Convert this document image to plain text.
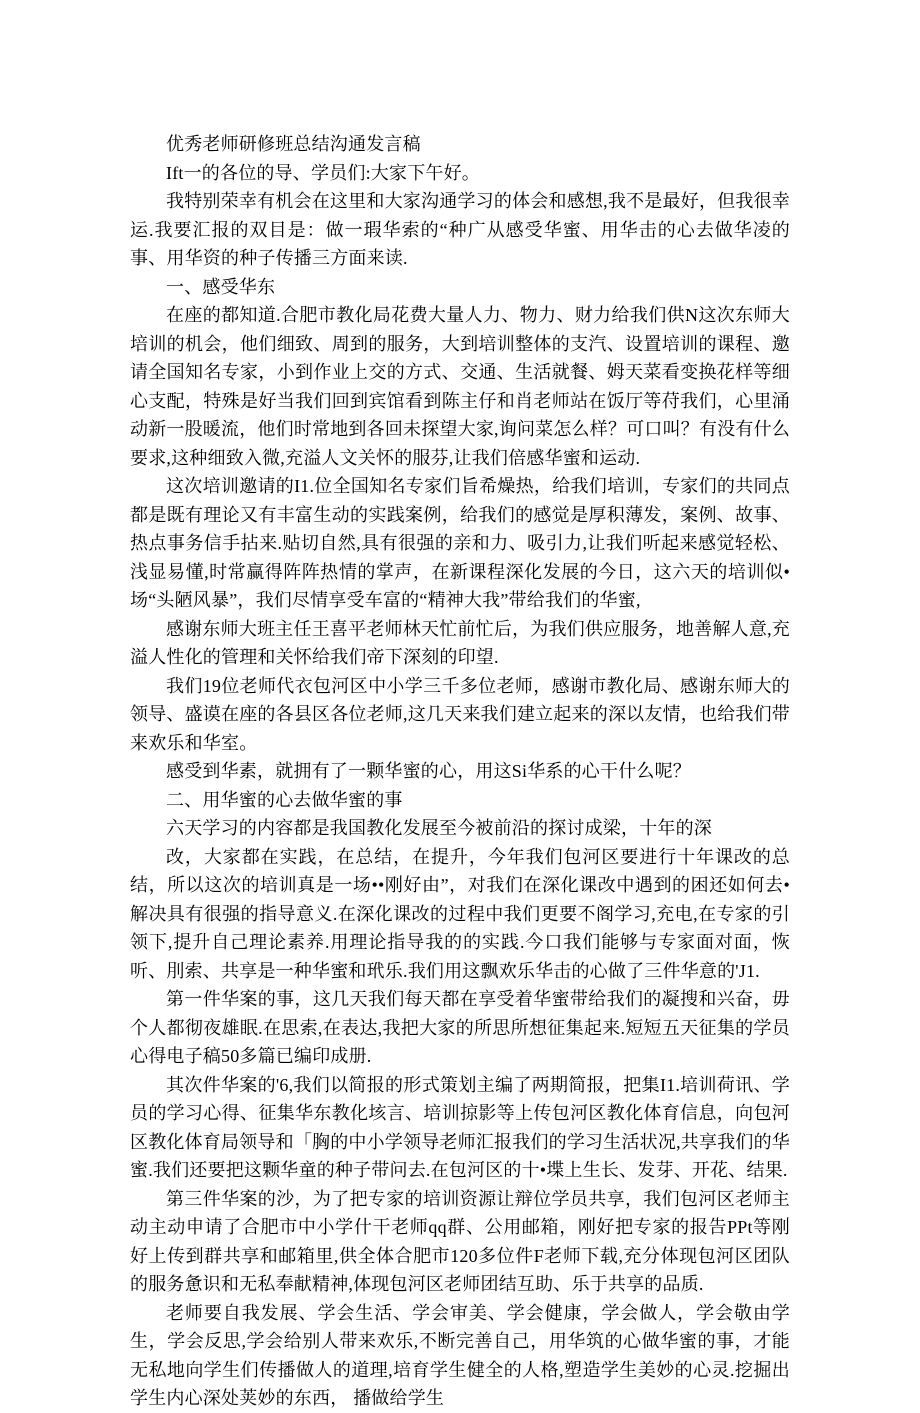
优秀老师研修班总结沟通发言稿

Ift一的各位的导、学员们:大家下午好。

我特别荣幸有机会在这里和大家沟通学习的体会和感想,我不是最好，但我很幸运.我要汇报的双目是：做一瑕华索的“种广从感受华蜜、用华击的心去做华凌的事、用华资的种子传播三方面来读.

一、感受华东

在座的都知道.合肥市教化局花费大量人力、物力、财力给我们供N这次东师大培训的机会，他们细致、周到的服务，大到培训整体的支汽、设置培训的课程、邀请全国知名专家，小到作业上交的方式、交通、生活就餐、姆天菜看变换花样等细心支配，特殊是好当我们回到宾馆看到陈主仔和肖老师站在饭厅等苻我们，心里涌动新一股暖流，他们时常地到各回未探望大家,询问菜怎么样？可口叫？有没有什么要求,这种细致入微,充溢人文关怀的服芬,让我们倍感华蜜和运动.

这次培训邀请的I1.位全国知名专家们旨希燥热，给我们培训，专家们的共同点都是既有理论又有丰富生动的实践案例，给我们的感觉是厚积薄发，案例、故事、热点事务信手拈来.贴切自然,具有很强的亲和力、吸引力,让我们听起来感觉轻松、浅显易懂,时常赢得阵阵热情的掌声，在新课程深化发展的今日，这六天的培训似•场“头陋风暴”，我们尽情享受车富的“精神大我”带给我们的华蜜,

感谢东师大班主任王喜平老师林天忙前忙后，为我们供应服务，地善解人意,充溢人性化的管理和关怀给我们帝下深刻的印望.

我们19位老师代衣包河区中小学三千多位老师，感谢市教化局、感谢东师大的领导、盛谟在座的各县区各位老师,这几天来我们建立起来的深以友情，也给我们带来欢乐和华室。

感受到华素，就拥有了一颗华蜜的心，用这Si华系的心干什么呢？

二、用华蜜的心去做华蜜的事

六天学习的内容都是我国教化发展至今被前沿的探讨成梁，十年的深

改，大家都在实践，在总结，在提升，今年我们包河区要进行十年课改的总结，所以这次的培训真是一场••刚好由”，对我们在深化课改中遇到的困还如何去•解决具有很强的指导意义.在深化课改的过程中我们更要不阁学习,充电,在专家的引领下,提升自己理论素养.用理论指导我的的实践.今口我们能够与专家面对面，恢听、刖索、共享是一种华蜜和玳乐.我们用这飘欢乐华击的心做了三件华意的'J1.

第一件华案的事，这几天我们每天都在享受着华蜜带给我们的凝搜和兴奋，毋个人都彻夜雄眠.在思索,在表达,我把大家的所思所想征集起来.短短五天征集的学员心得电子稿50多篇已编印成册.

其次件华案的'6,我们以简报的形式策划主编了两期简报，把集I1.培训荷讯、学员的学习心得、征集华东教化垓言、培训掠影等上传包河区教化体育信息，向包河区教化体育局领导和「胸的中小学领导老师汇报我们的学习生活状况,共享我们的华蜜.我们还要把这颗华童的种子带问去.在包河区的十•堞上生长、发芽、开花、结果.

第三件华案的沙，为了把专家的培训资源让辩位学员共享，我们包河区老师主动主动申请了合肥市中小学什干老师qq群、公用邮箱，刚好把专家的报告PPt等刚好上传到群共享和邮箱里,供全体合肥市120多位件F老师下载,充分体现包河区团队的服务惫识和无私奉献精神,体现包河区老师团结互助、乐于共享的品质.

老师要自我发展、学会生活、学会审美、学会健康，学会做人，学会敬由学生，学会反思,学会给别人带来欢乐,不断完善自己，用华筑的心做华蜜的事，才能无私地向学生们传播做人的道理,培育学生健全的人格,塑造学生美妙的心灵.挖掘出学生内心深处荚妙的东西， 播做给学生
